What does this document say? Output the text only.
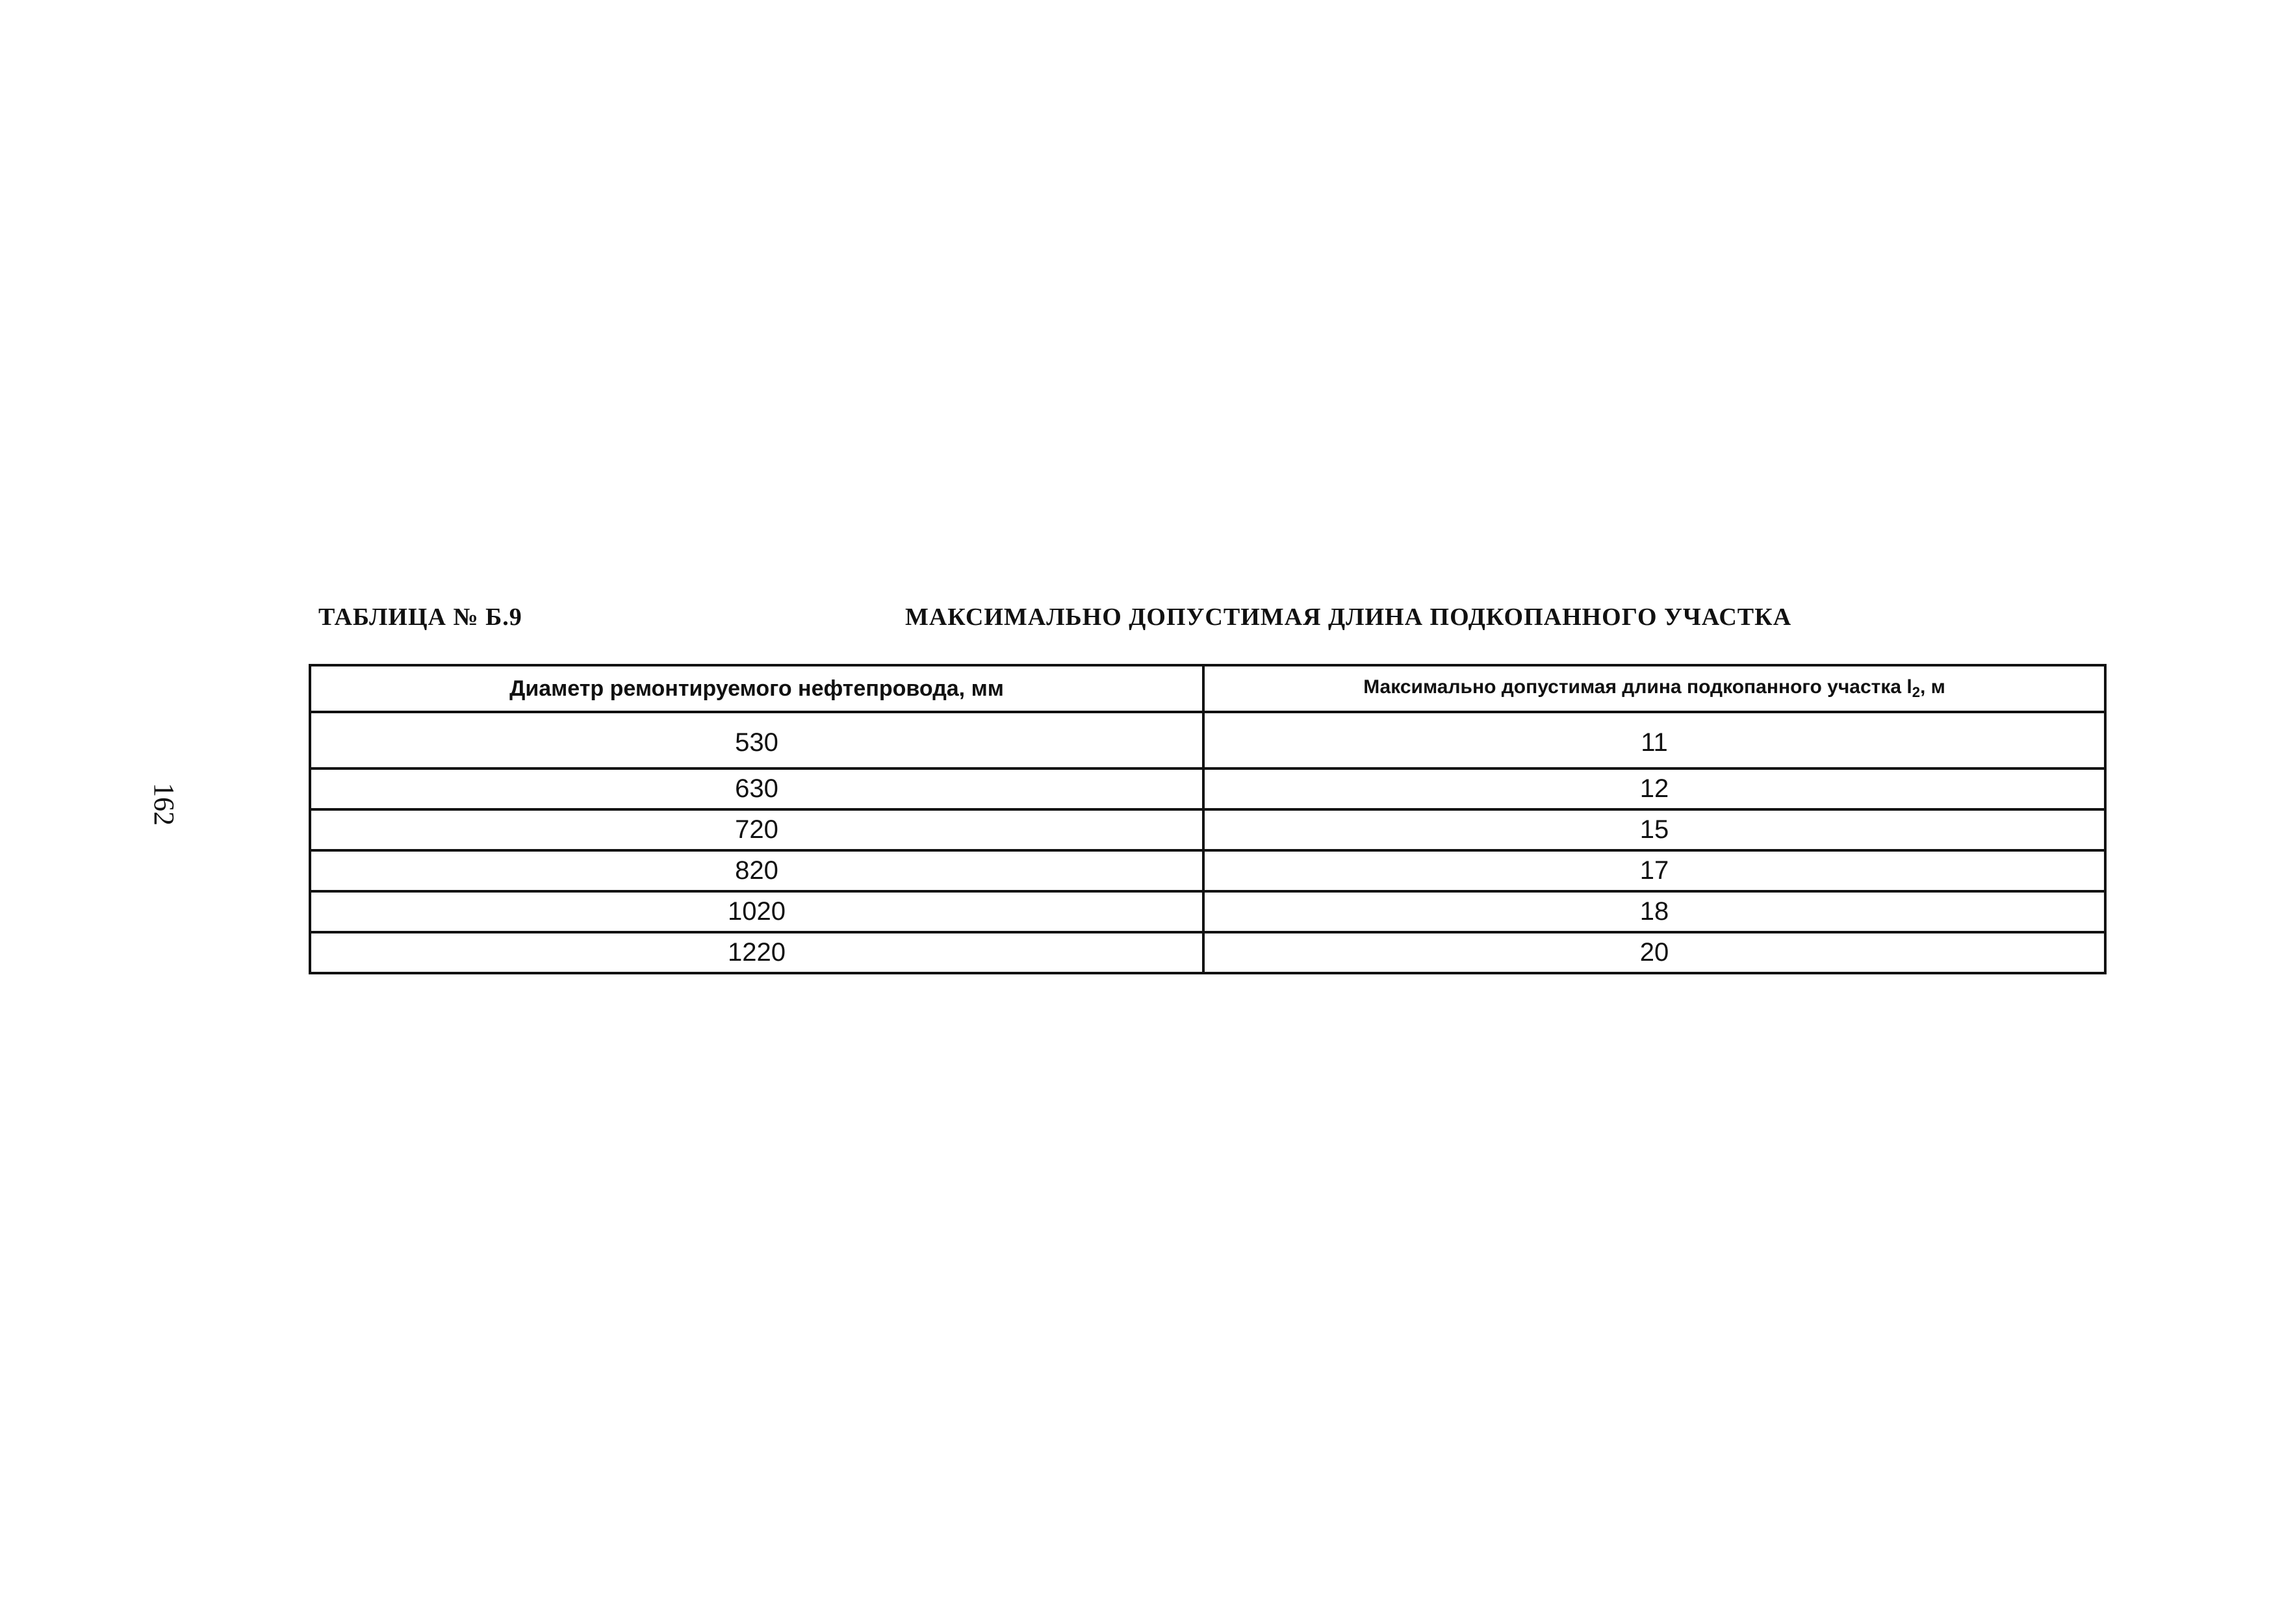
162
ТАБЛИЦА № Б.9	МАКСИМАЛЬНО ДОПУСТИМАЯ ДЛИНА ПОДКОПАННОГО УЧАСТКА
Диаметр ремонтируемого нефтепровода, мм	Максимально допустимая длина подкопанного участка $l_2$, м
530	11
630	12
720	15
820	17
1020	18
1220	20
